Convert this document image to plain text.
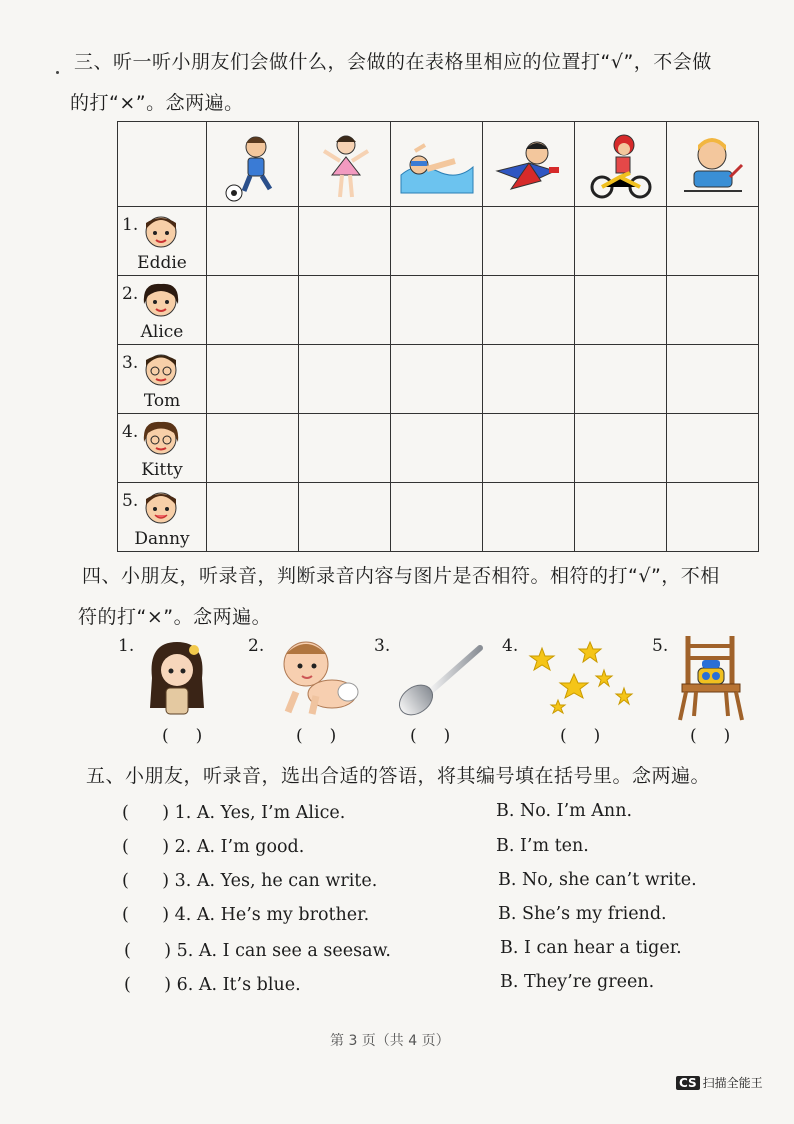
三、听一听小朋友们会做什么，会做的在表格里相应的位置打“√”，不会做
的打“×”。念两遍。

1.
Eddie						

2.
Alice						

3.
Tom						

4.
Kitty						

5.
Danny						

四、小朋友，听录音，判断录音内容与图片是否相符。相符的打“√”，不相
符的打“×”。念两遍。
1.
(     )
2.
(     )
3.
(     )
4.
(     )
5.
(     )
五、小朋友，听录音，选出合适的答语，将其编号填在括号里。念两遍。
(      ) 1. A. Yes, I’m Alice.	B. No. I’m Ann.
(      ) 2. A. I’m good.	B. I’m ten.
(      ) 3. A. Yes, he can write.	B. No, she can’t write.
(      ) 4. A. He’s my brother.	B. She’s my friend.
(      ) 5. A. I can see a seesaw.	B. I can hear a tiger.
(      ) 6. A. It’s blue.	B. They’re green.
第 3 页（共 4 页）
CS 扫描全能王
